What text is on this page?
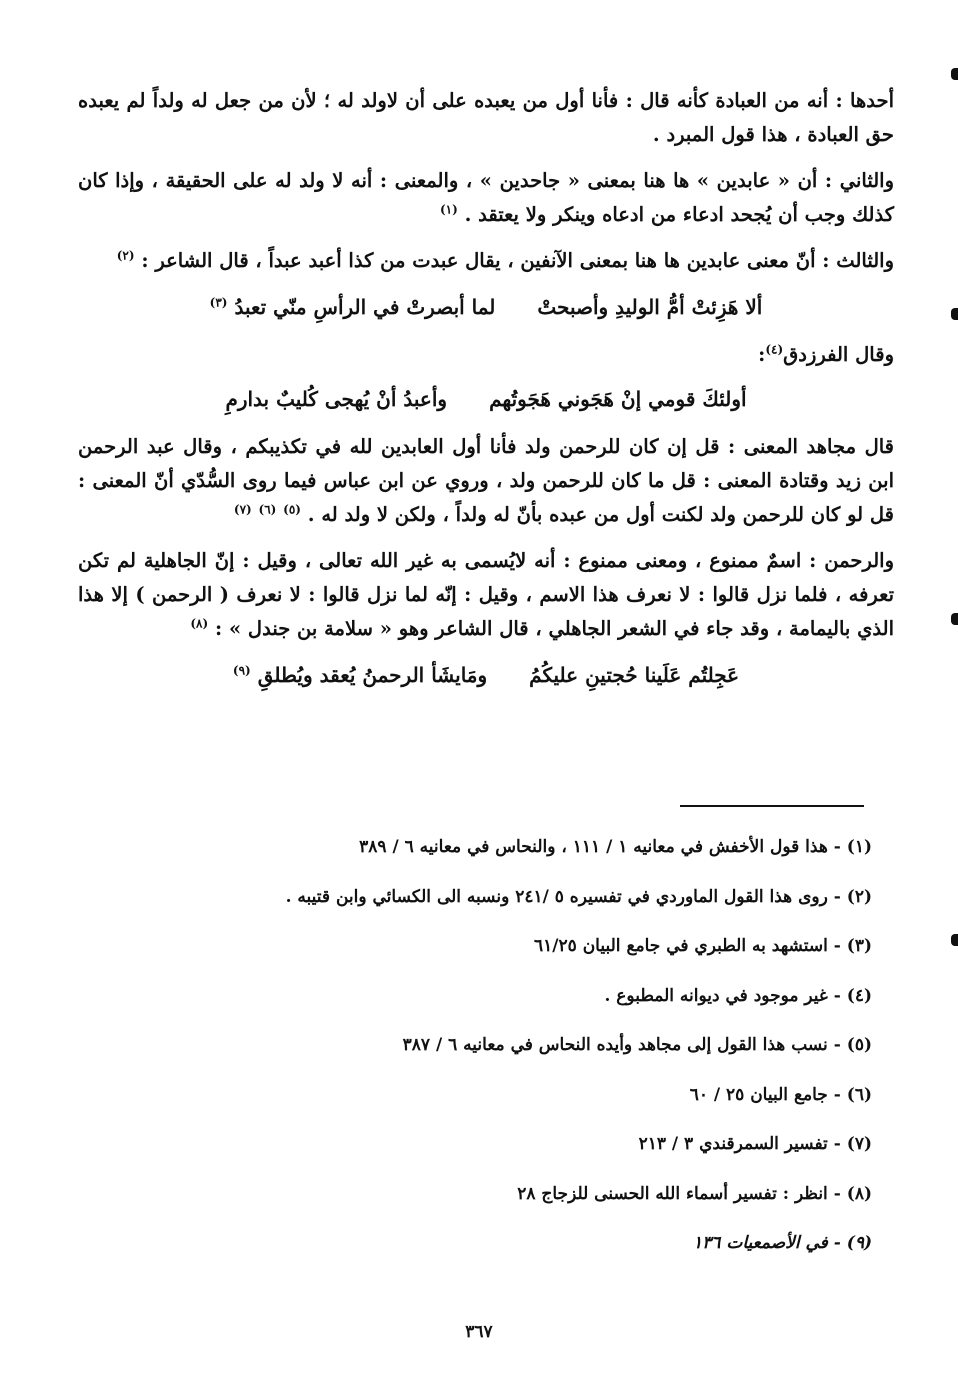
أحدها : أنه من العبادة كأنه قال : فأنا أول من يعبده على أن لاولد له ؛ لأن من جعل له ولداً لم يعبده حق العبادة ، هذا قول المبرد .

والثاني : أن « عابدين » ها هنا بمعنى « جاحدين » ، والمعنى : أنه لا ولد له على الحقيقة ، وإذا كان كذلك وجب أن يُجحد ادعاء من ادعاه وينكر ولا يعتقد . $^{(١)}$

والثالث : أنّ معنى عابدين ها هنا بمعنى الآنفين ، يقال عبدت من كذا أعبد عبداً ، قال الشاعر : $^{(٢)}$

ألا هَزِئتْ أمُّ الوليدِ وأصبحتْ
لما أبصرتْ في الرأسِ منّي تعبدُ $^{(٣)}$

وقال الفرزدق$^{(٤)}$:

أولئكَ قومي إنْ هَجَوني هَجَوتُهم
وأعبدُ أنْ يُهجى كُليبٌ بدارمِ

قال مجاهد المعنى : قل إن كان للرحمن ولد فأنا أول العابدين لله في تكذيبكم ، وقال عبد الرحمن ابن زيد وقتادة المعنى : قل ما كان للرحمن ولد ، وروي عن ابن عباس فيما روى السُّدّي أنّ المعنى : قل لو كان للرحمن ولد لكنت أول من عبده بأنّ له ولداً ، ولكن لا ولد له . $^{(٥)}$ $^{(٦)}$ $^{(٧)}$

والرحمن : اسمٌ ممنوع ، ومعنى ممنوع : أنه لايُسمى به غير الله تعالى ، وقيل : إنّ الجاهلية لم تكن تعرفه ، فلما نزل قالوا : لا نعرف هذا الاسم ، وقيل : إنّه لما نزل قالوا : لا نعرف ( الرحمن ) إلا هذا الذي باليمامة ، وقد جاء في الشعر الجاهلي ، قال الشاعر وهو « سلامة بن جندل » : $^{(٨)}$

عَجِلتُم عَلَينا حُجتينِ عليكُمُ
ومَايشَأ الرحمنُ يُعقد ويُطلقِ $^{(٩)}$
(١)- هذا قول الأخفش في معانيه ١ / ١١١ ، والنحاس في معانيه ٦ / ٣٨٩
(٢)- روى هذا القول الماوردي في تفسيره ٥ /٢٤١ ونسبه الى الكسائي وابن قتيبه .
(٣)- استشهد به الطبري في جامع البيان ٦١/٢٥
(٤)- غير موجود في ديوانه المطبوع .
(٥)- نسب هذا القول إلى مجاهد وأيده النحاس في معانيه ٦ / ٣٨٧
(٦)- جامع البيان ٢٥ / ٦٠
(٧)- تفسير السمرقندي ٣ / ٢١٣
(٨)- انظر : تفسير أسماء الله الحسنى للزجاج ٢٨
(٩)- في الأصمعيات ١٣٦
٣٦٧
